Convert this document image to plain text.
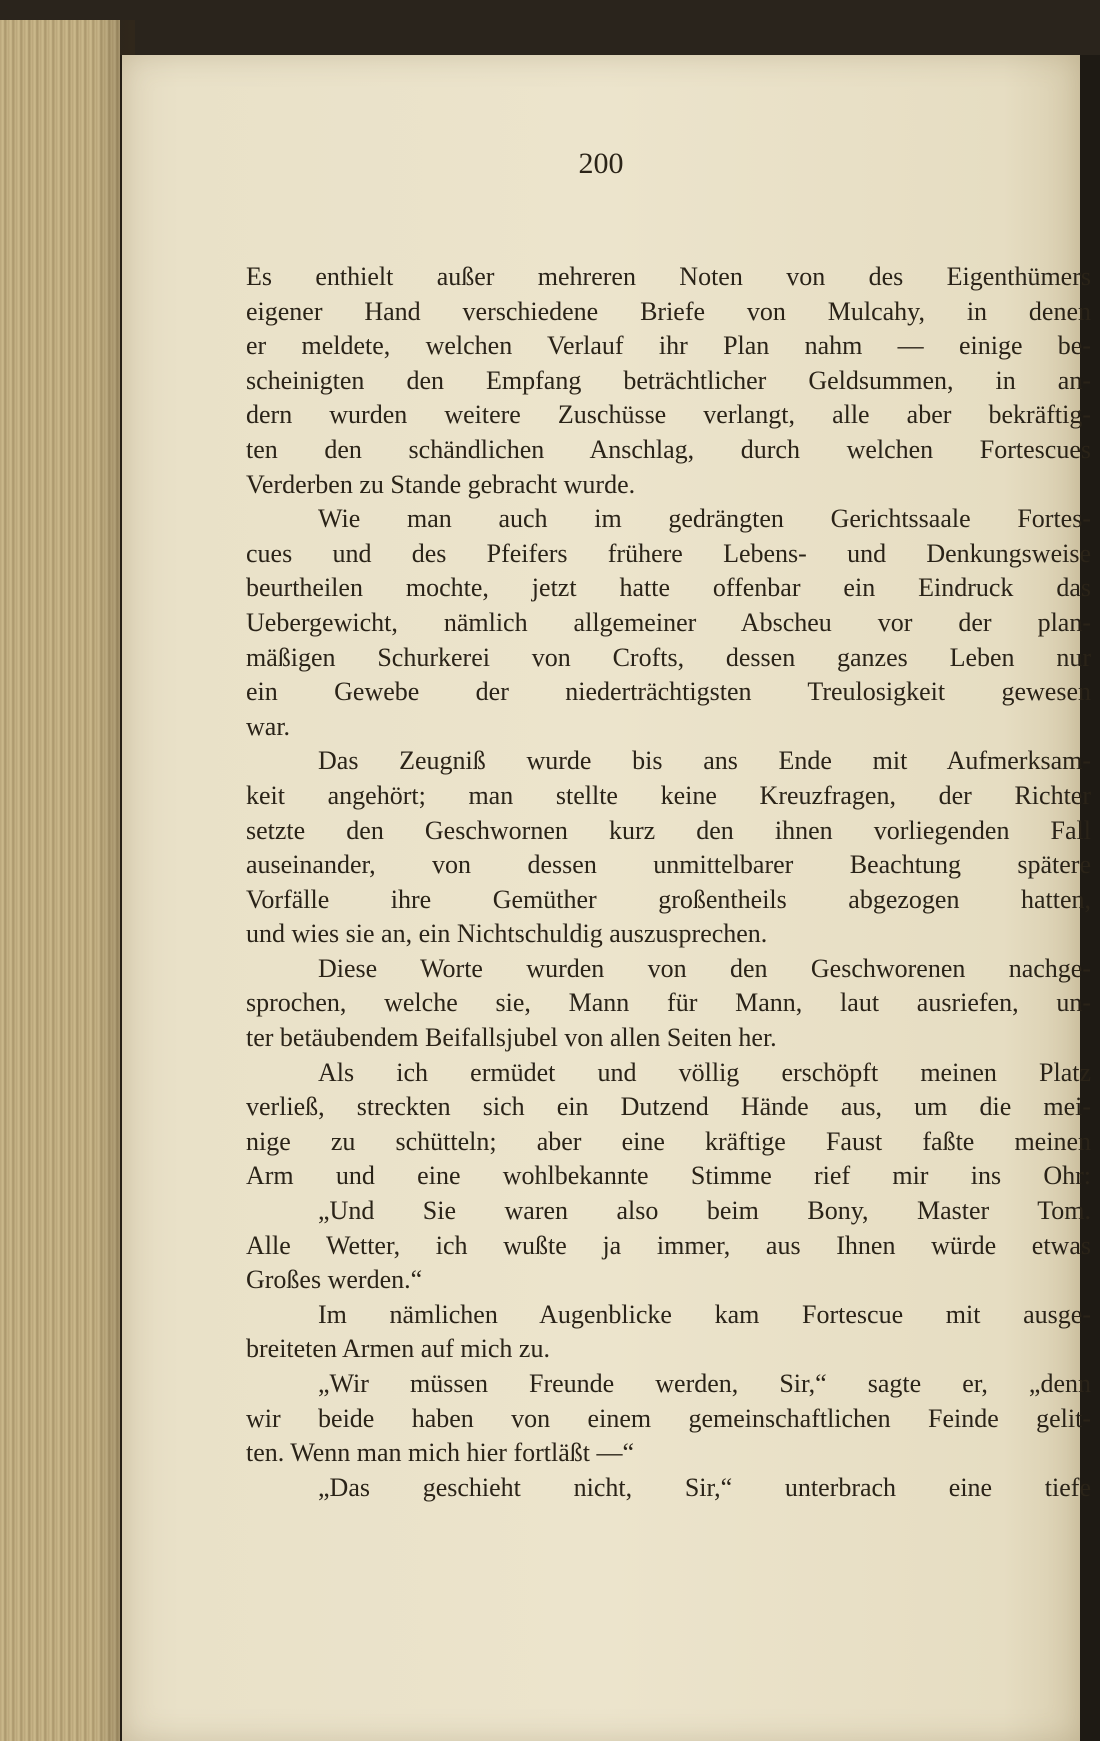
200
Es enthielt außer mehreren Noten von des Eigenthümers
eigener Hand verschiedene Briefe von Mulcahy, in denen
er meldete, welchen Verlauf ihr Plan nahm — einige be-
scheinigten den Empfang beträchtlicher Geldsummen, in an-
dern wurden weitere Zuschüsse verlangt, alle aber bekräftig-
ten den schändlichen Anschlag, durch welchen Fortescues
Verderben zu Stande gebracht wurde.
Wie man auch im gedrängten Gerichtssaale Fortes-
cues und des Pfeifers frühere Lebens- und Denkungsweise
beurtheilen mochte, jetzt hatte offenbar ein Eindruck das
Uebergewicht, nämlich allgemeiner Abscheu vor der plan-
mäßigen Schurkerei von Crofts, dessen ganzes Leben nur
ein Gewebe der niederträchtigsten Treulosigkeit gewesen
war.
Das Zeugniß wurde bis ans Ende mit Aufmerksam-
keit angehört; man stellte keine Kreuzfragen, der Richter
setzte den Geschwornen kurz den ihnen vorliegenden Fall
auseinander, von dessen unmittelbarer Beachtung spätere
Vorfälle ihre Gemüther großentheils abgezogen hatten,
und wies sie an, ein Nichtschuldig auszusprechen.
Diese Worte wurden von den Geschworenen nachge-
sprochen, welche sie, Mann für Mann, laut ausriefen, un-
ter betäubendem Beifallsjubel von allen Seiten her.
Als ich ermüdet und völlig erschöpft meinen Platz
verließ, streckten sich ein Dutzend Hände aus, um die mei-
nige zu schütteln; aber eine kräftige Faust faßte meinen
Arm und eine wohlbekannte Stimme rief mir ins Ohr:
„Und Sie waren also beim Bony, Master Tom.
Alle Wetter, ich wußte ja immer, aus Ihnen würde etwas
Großes werden.“
Im nämlichen Augenblicke kam Fortescue mit ausge-
breiteten Armen auf mich zu.
„Wir müssen Freunde werden, Sir,“ sagte er, „denn
wir beide haben von einem gemeinschaftlichen Feinde gelit-
ten. Wenn man mich hier fortläßt —“
„Das geschieht nicht, Sir,“ unterbrach eine tiefe
